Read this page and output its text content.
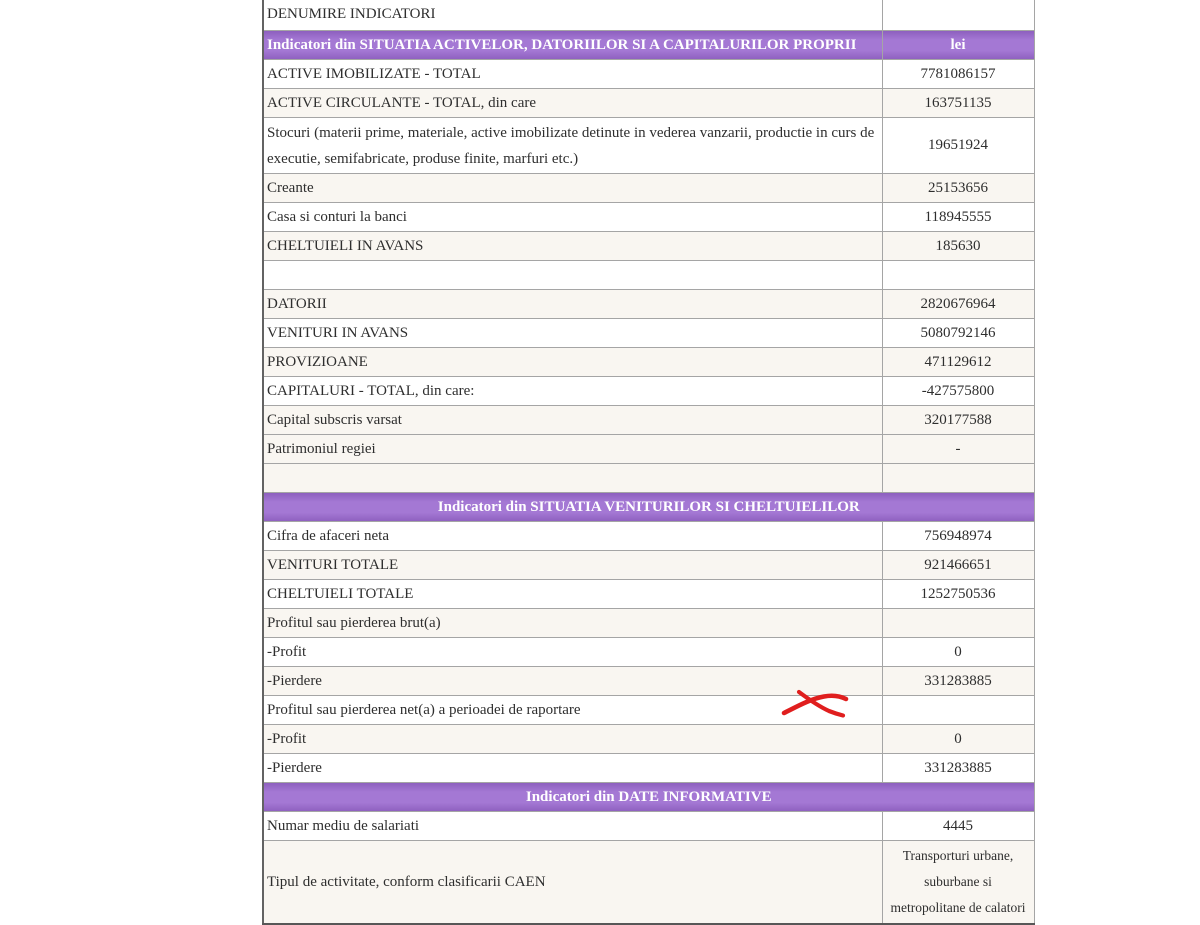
DENUMIRE INDICATORI	
Indicatori din SITUATIA ACTIVELOR, DATORIILOR SI A CAPITALURILOR PROPRII	lei
ACTIVE IMOBILIZATE - TOTAL	7781086157
ACTIVE CIRCULANTE - TOTAL, din care	163751135
Stocuri (materii prime, materiale, active imobilizate detinute in vederea vanzarii, productie in curs de executie, semifabricate, produse finite, marfuri etc.)	19651924
Creante	25153656
Casa si conturi la banci	118945555
CHELTUIELI IN AVANS	185630

DATORII	2820676964
VENITURI IN AVANS	5080792146
PROVIZIOANE	471129612
CAPITALURI - TOTAL, din care:	-427575800
Capital subscris varsat	320177588
Patrimoniul regiei	-

Indicatori din SITUATIA VENITURILOR SI CHELTUIELILOR	
Cifra de afaceri neta	756948974
VENITURI TOTALE	921466651
CHELTUIELI TOTALE	1252750536
Profitul sau pierderea brut(a)	
-Profit	0
-Pierdere	331283885
Profitul sau pierderea net(a) a perioadei de raportare	
-Profit	0
-Pierdere	331283885
Indicatori din DATE INFORMATIVE	
Numar mediu de salariati	4445
Tipul de activitate, conform clasificarii CAEN	Transporturi urbane,
suburbane si
metropolitane de calatori
